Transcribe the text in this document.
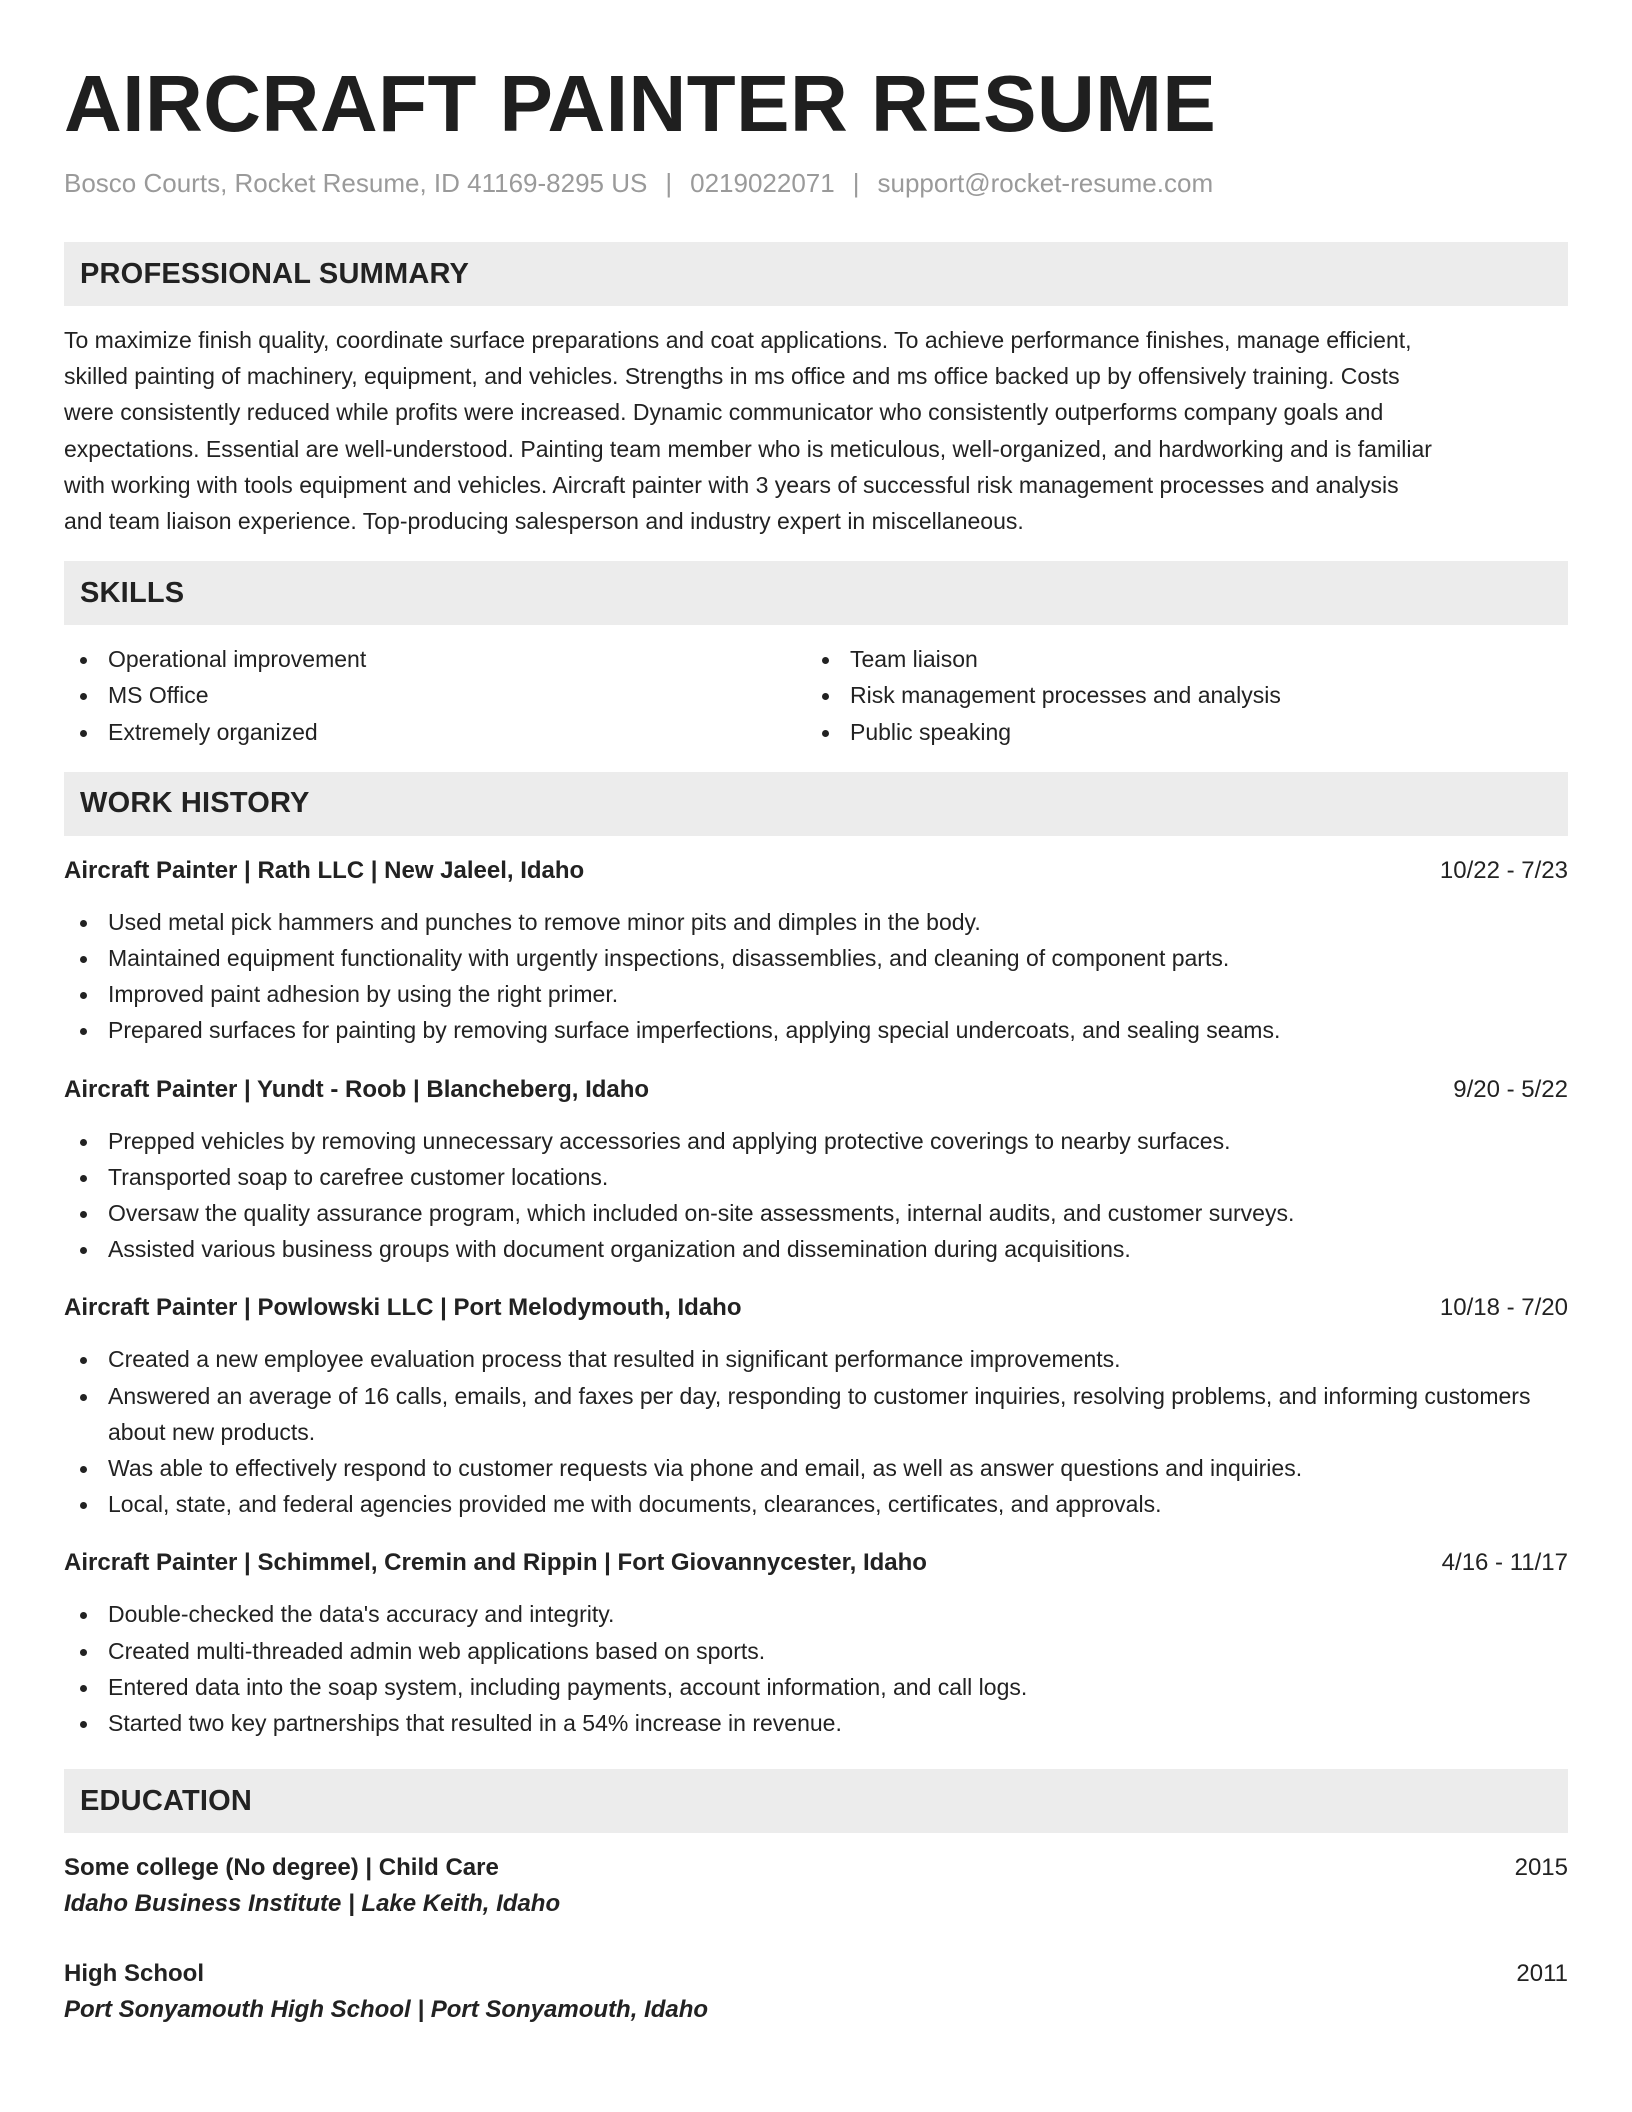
AIRCRAFT PAINTER RESUME
Bosco Courts, Rocket Resume, ID 41169-8295 US | 0219022071 | support@rocket-resume.com
PROFESSIONAL SUMMARY
To maximize finish quality, coordinate surface preparations and coat applications. To achieve performance finishes, manage efficient,
skilled painting of machinery, equipment, and vehicles. Strengths in ms office and ms office backed up by offensively training. Costs
were consistently reduced while profits were increased. Dynamic communicator who consistently outperforms company goals and
expectations. Essential are well-understood. Painting team member who is meticulous, well-organized, and hardworking and is familiar
with working with tools equipment and vehicles. Aircraft painter with 3 years of successful risk management processes and analysis
and team liaison experience. Top-producing salesperson and industry expert in miscellaneous.
SKILLS
Operational improvement
MS Office
Extremely organized
Team liaison
Risk management processes and analysis
Public speaking
WORK HISTORY
Aircraft Painter | Rath LLC | New Jaleel, Idaho	10/22 - 7/23
Used metal pick hammers and punches to remove minor pits and dimples in the body.
Maintained equipment functionality with urgently inspections, disassemblies, and cleaning of component parts.
Improved paint adhesion by using the right primer.
Prepared surfaces for painting by removing surface imperfections, applying special undercoats, and sealing seams.
Aircraft Painter | Yundt - Roob | Blancheberg, Idaho	9/20 - 5/22
Prepped vehicles by removing unnecessary accessories and applying protective coverings to nearby surfaces.
Transported soap to carefree customer locations.
Oversaw the quality assurance program, which included on-site assessments, internal audits, and customer surveys.
Assisted various business groups with document organization and dissemination during acquisitions.
Aircraft Painter | Powlowski LLC | Port Melodymouth, Idaho	10/18 - 7/20
Created a new employee evaluation process that resulted in significant performance improvements.
Answered an average of 16 calls, emails, and faxes per day, responding to customer inquiries, resolving problems, and informing customers about new products.
Was able to effectively respond to customer requests via phone and email, as well as answer questions and inquiries.
Local, state, and federal agencies provided me with documents, clearances, certificates, and approvals.
Aircraft Painter | Schimmel, Cremin and Rippin | Fort Giovannycester, Idaho	4/16 - 11/17
Double-checked the data's accuracy and integrity.
Created multi-threaded admin web applications based on sports.
Entered data into the soap system, including payments, account information, and call logs.
Started two key partnerships that resulted in a 54% increase in revenue.
EDUCATION
Some college (No degree) | Child Care	2015
Idaho Business Institute | Lake Keith, Idaho
High School	2011
Port Sonyamouth High School | Port Sonyamouth, Idaho
